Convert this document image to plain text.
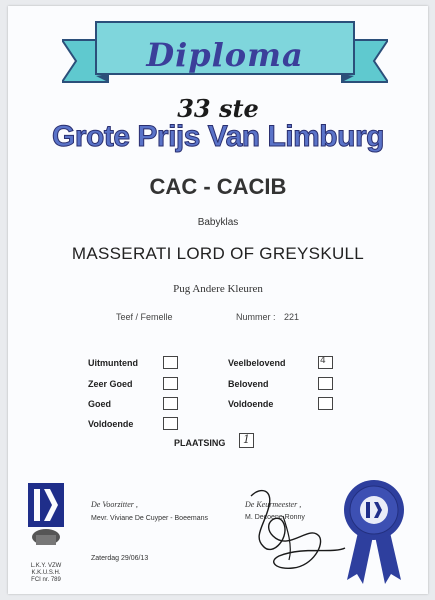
Diploma
33 ste
Grote Prijs Van Limburg
CAC - CACIB
Babyklas
MASSERATI LORD OF GREYSKULL
Pug Andere Kleuren
Teef / Femelle	Nummer : 221
Uitmuntend
Zeer Goed
Goed
Voldoende
Veelbelovend	4
Belovend
Voldoende
PLAATSING 1
L.K.Y. VZW
K.K.U.S.H.
FCI nr. 789
De Voorzitter ,
Mevr. Viviane De Cuyper - Boeemans
De Keurmeester ,
M. Decoene Ronny
Zaterdag 29/06/13
